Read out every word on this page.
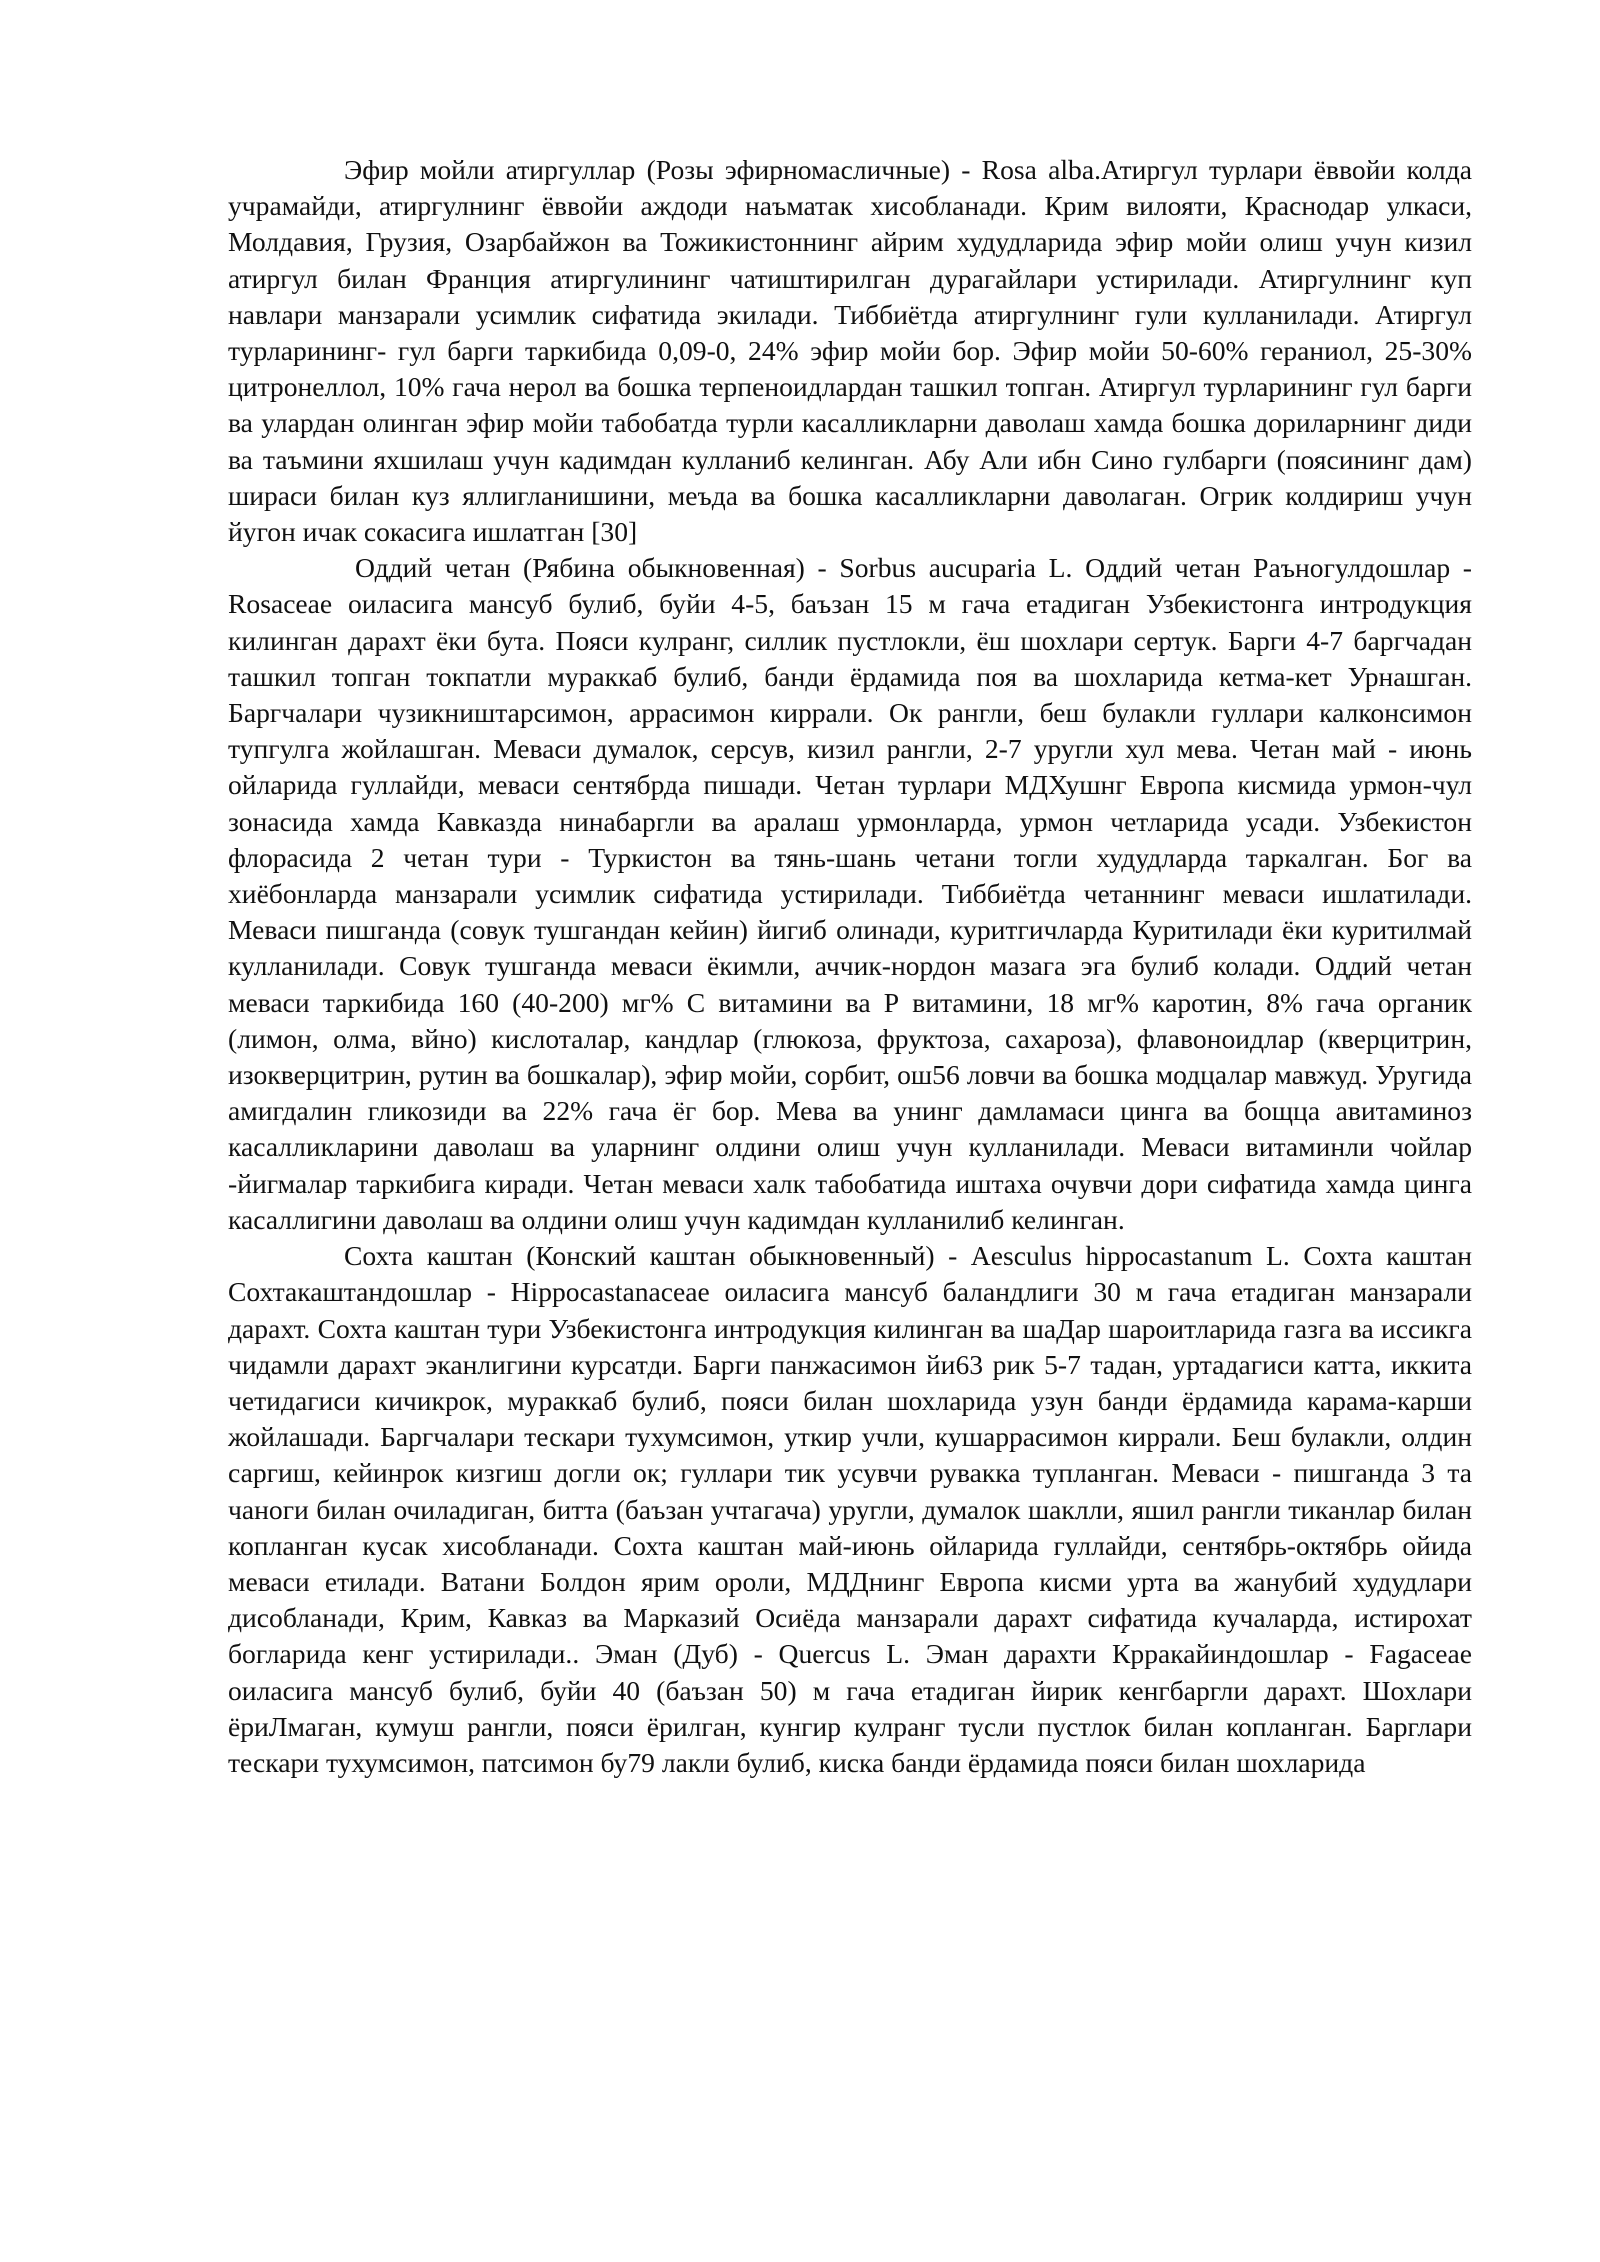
Эфир мойли атиргуллар (Розы эфирномасличные) - Rosa alba.Атиргул турлари ёввойи колда учрамайди, атиргулнинг ёввойи аждоди наъматак хисобланади. Крим вилояти, Краснодар улкаси, Молдавия, Грузия, Озарбайжон ва Тожикистоннинг айрим худудларида эфир мойи олиш учун кизил атиргул билан Франция атиргулининг чатиштирилган дурагайлари устирилади. Атиргулнинг куп навлари манзарали усимлик сифатида экилади. Тиббиётда атиргулнинг гули кулланилади. Атиргул турларининг- гул барги таркибида 0,09-0, 24% эфир мойи бор. Эфир мойи 50-60% гераниол, 25-30% цитронеллол, 10% гача нерол ва бошка терпеноидлардан ташкил топган. Атиргул турларининг гул барги ва улардан олинган эфир мойи табобатда турли касалликларни даволаш хамда бошка дориларнинг диди ва таъмини яхшилаш учун кадимдан кулланиб келинган. Абу Али ибн Сино гулбарги (поясининг дам) шираси билан куз яллигланишини, меъда ва бошка касалликларни даволаган. Огрик колдириш учун йугон ичак сокасига ишлатган [30]

Оддий четан (Рябина обыкновенная) - Sorbus aucuparia L. Оддий четан Раъногулдошлар - Rosaceae оиласига мансуб булиб, буйи 4-5, баъзан 15 м гача етадиган Узбекистонга интродукция килинган дарахт ёки бута. Пояси кулранг, силлик пустлокли, ёш шохлари сертук. Барги 4-7 баргчадан ташкил топган токпатли мураккаб булиб, банди ёрдамида поя ва шохларида кетма-кет Урнашган. Баргчалари чузикништарсимон, аррасимон киррали. Ок рангли, беш булакли гуллари калконсимон тупгулга жойлашган. Меваси думалок, серсув, кизил рангли, 2-7 уругли хул мева. Четан май - июнь ойларида гуллайди, меваси сентябрда пишади. Четан турлари МДХушнг Европа кисмида урмон-чул зонасида хамда Кавказда нинабаргли ва аралаш урмонларда, урмон четларида усади. Узбекистон флорасида 2 четан тури - Туркистон ва тянь-шань четани тогли худудларда таркалган. Бог ва хиёбонларда манзарали усимлик сифатида устирилади. Тиббиётда четаннинг меваси ишлатилади. Меваси пишганда (совук тушгандан кейин) йигиб олинади, куритгичларда Куритилади ёки куритилмай кулланилади. Совук тушганда меваси ёкимли, аччик-нордон мазага эга булиб колади. Оддий четан меваси таркибида 160 (40-200) мг% С витамини ва Р витамини, 18 мг% каротин, 8% гача органик (лимон, олма, вйно) кислоталар, кандлар (глюкоза, фруктоза, сахароза), флавоноидлар (кверцитрин, изокверцитрин, рутин ва бошкалар), эфир мойи, сорбит, ош56 ловчи ва бошка модцалар мавжуд. Уругида амигдалин гликозиди ва 22% гача ёг бор. Мева ва унинг дамламаси цинга ва бощца авитаминоз касалликларини даволаш ва уларнинг олдини олиш учун кулланилади. Меваси витаминли чойлар -йигмалар таркибига киради. Четан меваси халк табобатида иштаха очувчи дори сифатида хамда цинга касаллигини даволаш ва олдини олиш учун кадимдан кулланилиб келинган.

Сохта каштан (Конский каштан обыкновенный) - Aesculus hippocastanum L. Сохта каштан Сохтакаштандошлар - Hippocastanaceae оиласига мансуб баландлиги 30 м гача етадиган манзарали дарахт. Сохта каштан тури Узбекистонга интродукция килинган ва шаДар шароитларида газга ва иссикга чидамли дарахт эканлигини курсатди. Барги панжасимон йи63 рик 5-7 тадан, уртадагиси катта, иккита четидагиси кичикрок, мураккаб булиб, пояси билан шохларида узун банди ёрдамида карама-карши жойлашади. Баргчалари тескари тухумсимон, уткир учли, кушаррасимон киррали. Беш булакли, олдин саргиш, кейинрок кизгиш догли ок; гуллари тик усувчи рувакка тупланган. Меваси - пишганда 3 та чаноги билан очиладиган, битта (баъзан учтагача) уругли, думалок шаклли, яшил рангли тиканлар билан копланган кусак хисобланади. Сохта каштан май-июнь ойларида гуллайди, сентябрь-октябрь ойида меваси етилади. Ватани Болдон ярим ороли, МДДнинг Европа кисми урта ва жанубий худудлари дисобланади, Крим, Кавказ ва Марказий Осиёда манзарали дарахт сифатида кучаларда, истирохат богларида кенг устирилади.. Эман (Дуб) - Quercus L. Эман дарахти Крракайиндошлар - Fagaceae оиласига мансуб булиб, буйи 40 (баъзан 50) м гача етадиган йирик кенгбаргли дарахт. Шохлари ёриЛмаган, кумуш рангли, пояси ёрилган, кунгир кулранг тусли пустлок билан копланган. Барглари тескари тухумсимон, патсимон бу79 лакли булиб, киска банди ёрдамида пояси билан шохларида
